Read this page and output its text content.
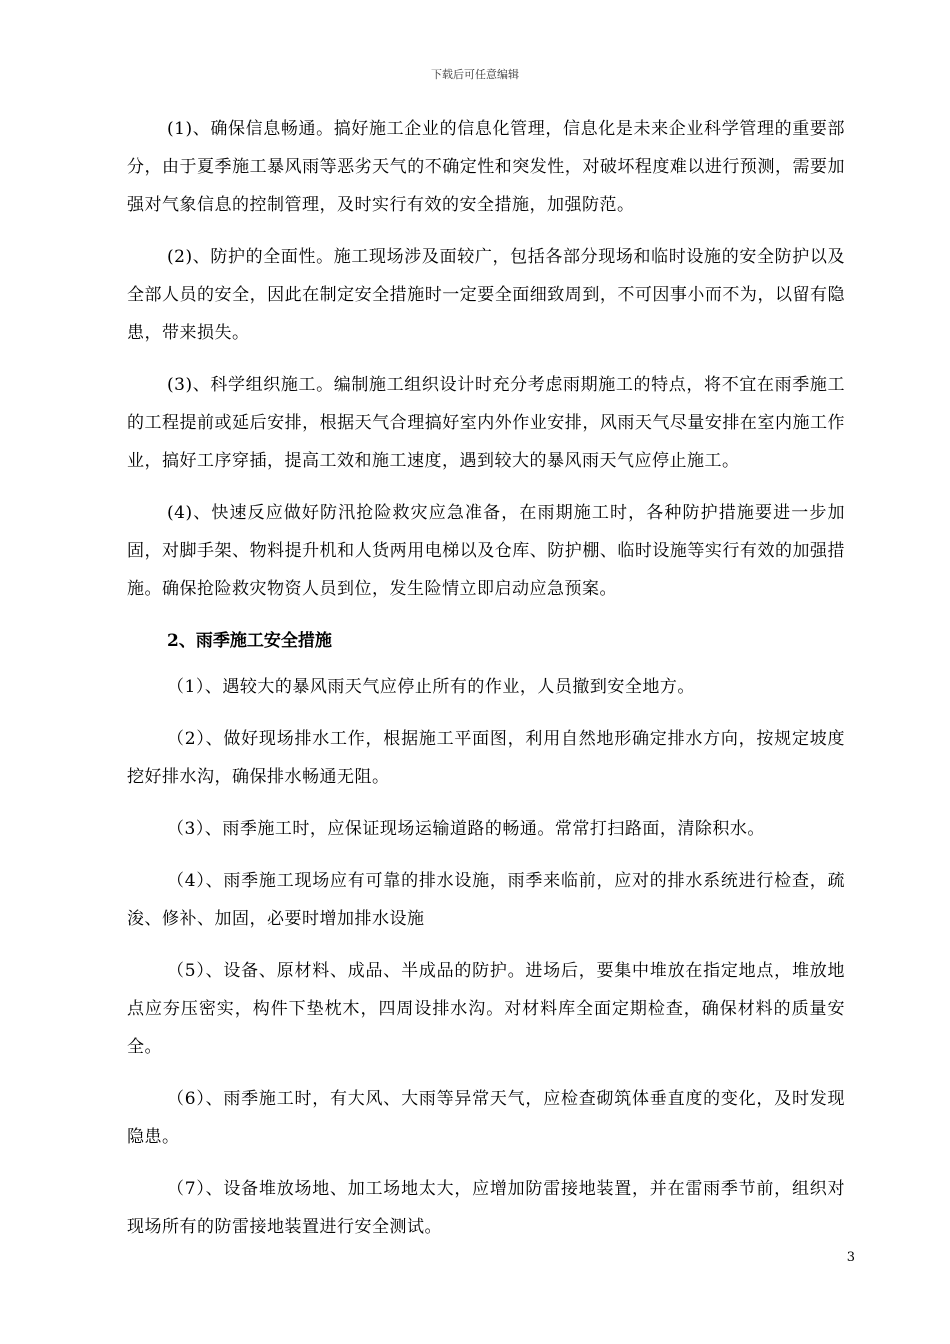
下载后可任意编辑

(1)、确保信息畅通。搞好施工企业的信息化管理，信息化是未来企业科学管理的重要部分，由于夏季施工暴风雨等恶劣天气的不确定性和突发性，对破坏程度难以进行预测，需要加强对气象信息的控制管理，及时实行有效的安全措施，加强防范。

(2)、防护的全面性。施工现场涉及面较广，包括各部分现场和临时设施的安全防护以及全部人员的安全，因此在制定安全措施时一定要全面细致周到，不可因事小而不为，以留有隐患，带来损失。

(3)、科学组织施工。编制施工组织设计时充分考虑雨期施工的特点，将不宜在雨季施工的工程提前或延后安排，根据天气合理搞好室内外作业安排，风雨天气尽量安排在室内施工作业，搞好工序穿插，提高工效和施工速度，遇到较大的暴风雨天气应停止施工。

(4)、快速反应做好防汛抢险救灾应急准备，在雨期施工时，各种防护措施要进一步加固，对脚手架、物料提升机和人货两用电梯以及仓库、防护棚、临时设施等实行有效的加强措施。确保抢险救灾物资人员到位，发生险情立即启动应急预案。

2、雨季施工安全措施

（1）、遇较大的暴风雨天气应停止所有的作业，人员撤到安全地方。

（2）、做好现场排水工作，根据施工平面图，利用自然地形确定排水方向，按规定坡度挖好排水沟，确保排水畅通无阻。

（3）、雨季施工时，应保证现场运输道路的畅通。常常打扫路面，清除积水。

（4）、雨季施工现场应有可靠的排水设施，雨季来临前，应对的排水系统进行检查，疏浚、修补、加固，必要时增加排水设施

（5）、设备、原材料、成品、半成品的防护。进场后，要集中堆放在指定地点，堆放地点应夯压密实，构件下垫枕木，四周设排水沟。对材料库全面定期检查，确保材料的质量安全。

（6）、雨季施工时，有大风、大雨等异常天气，应检查砌筑体垂直度的变化，及时发现隐患。

（7）、设备堆放场地、加工场地太大，应增加防雷接地装置，并在雷雨季节前，组织对现场所有的防雷接地装置进行安全测试。

3
